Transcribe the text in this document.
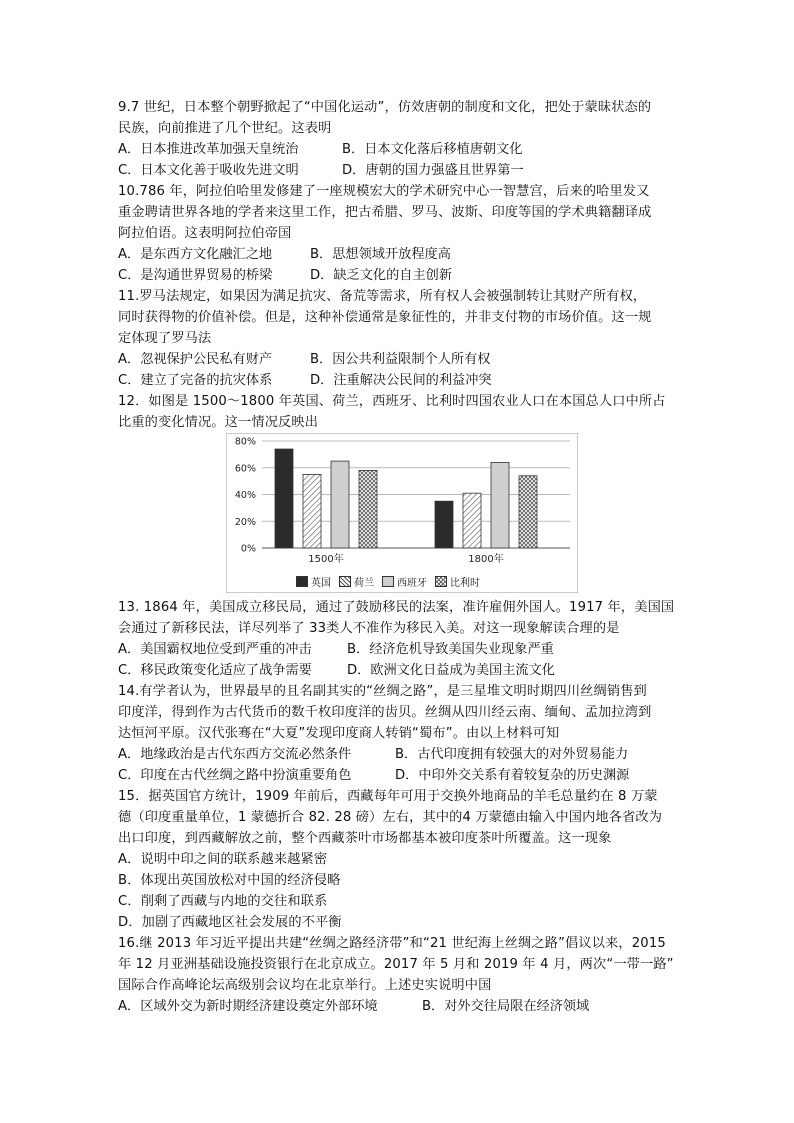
9.7 世纪，日本整个朝野掀起了“中国化运动”，仿效唐朝的制度和文化，把处于蒙昧状态的
民族，向前推进了几个世纪。这表明
A．日本推进改革加强天皇统治	B．日本文化落后移植唐朝文化
C．日本文化善于吸收先进文明	D．唐朝的国力强盛且世界第一
10.786 年，阿拉伯哈里发修建了一座规模宏大的学术研究中心一智慧宫，后来的哈里发又
重金聘请世界各地的学者来这里工作，把古希腊、罗马、波斯、印度等国的学术典籍翻译成
阿拉伯语。这表明阿拉伯帝国
A．是东西方文化融汇之地	B．思想领域开放程度高
C．是沟通世界贸易的桥梁	D．缺乏文化的自主创新
11.罗马法规定，如果因为满足抗灾、备荒等需求，所有权人会被强制转让其财产所有权，
同时获得物的价值补偿。但是，这种补偿通常是象征性的，并非支付物的市场价值。这一规
定体现了罗马法
A．忽视保护公民私有财产	B．因公共利益限制个人所有权
C．建立了完备的抗灾体系	D．注重解决公民间的利益冲突
12．如图是 1500～1800 年英国、荷兰，西班牙、比利时四国农业人口在本国总人口中所占
比重的变化情况。这一情况反映出
0%
20%
40%
60%
80%
1500年	1800年
英国 荷兰 西班牙 比利时
13. 1864 年，美国成立移民局，通过了鼓励移民的法案，准许雇佣外国人。1917 年，美国国
会通过了新移民法，详尽列举了 33类人不准作为移民入美。对这一现象解读合理的是
A．美国霸权地位受到严重的冲击	B．经济危机导致美国失业现象严重
C．移民政策变化适应了战争需要	D．欧洲文化日益成为美国主流文化
14.有学者认为，世界最早的且名副其实的“丝绸之路”，是三星堆文明时期四川丝绸销售到
印度洋，得到作为古代货币的数千枚印度洋的齿贝。丝绸从四川经云南、缅甸、孟加拉湾到
达恒河平原。汉代张骞在“大夏”发现印度商人转销“蜀布”。由以上材料可知
A．地缘政治是古代东西方交流必然条件	B．古代印度拥有较强大的对外贸易能力
C．印度在古代丝绸之路中扮演重要角色	D．中印外交关系有着较复杂的历史渊源
15．据英国官方统计，1909 年前后，西藏每年可用于交换外地商品的羊毛总量约在 8 万蒙
德（印度重量单位，1 蒙德折合 82. 28 磅）左右，其中的4 万蒙德由输入中国内地各省改为
出口印度，到西藏解放之前，整个西藏茶叶市场都基本被印度茶叶所覆盖。这一现象
A．说明中印之间的联系越来越紧密
B．体现出英国放松对中国的经济侵略
C．削剩了西藏与内地的交往和联系
D．加剧了西藏地区社会发展的不平衡
16.继 2013 年习近平提出共建“丝绸之路经济带”和“21 世纪海上丝绸之路”倡议以来，2015
年 12 月亚洲基础设施投资银行在北京成立。2017 年 5 月和 2019 年 4 月，两次“一带一路”
国际合作高峰论坛高级别会议均在北京举行。上述史实说明中国
A．区域外交为新时期经济建设奠定外部环境	B．对外交往局限在经济领域
